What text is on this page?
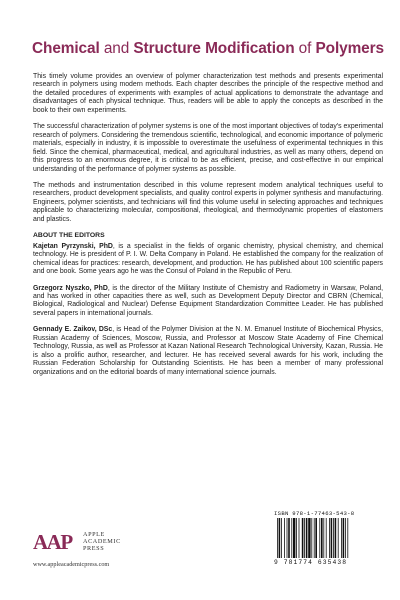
Chemical and Structure Modification of Polymers

This timely volume provides an overview of polymer characterization test methods and presents experimental research in polymers using modern methods. Each chapter describes the principle of the respective method and the detailed procedures of experiments with examples of actual applications to demonstrate the advantage and disadvantages of each physical technique. Thus, readers will be able to apply the concepts as described in the book to their own experiments.

The successful characterization of polymer systems is one of the most important objectives of today's experimental research of polymers. Considering the tremendous scientific, technological, and economic importance of polymeric materials, especially in industry, it is impossible to overestimate the usefulness of experimental techniques in this field. Since the chemical, pharmaceutical, medical, and agricultural industries, as well as many others, depend on this progress to an enormous degree, it is critical to be as efficient, precise, and cost-effective in our empirical understanding of the performance of polymer systems as possible.

The methods and instrumentation described in this volume represent modern analytical techniques useful to researchers, product development specialists, and quality control experts in polymer synthesis and manufacturing. Engineers, polymer scientists, and technicians will find this volume useful in selecting approaches and techniques applicable to characterizing molecular, compositional, rheological, and thermodynamic properties of elastomers and plastics.

ABOUT THE EDITORS

Kajetan Pyrzynski, PhD, is a specialist in the fields of organic chemistry, physical chemistry, and chemical technology. He is president of P. I. W. Delta Company in Poland. He established the company for the realization of chemical ideas for practices: research, development, and production. He has published about 100 scientific papers and one book. Some years ago he was the Consul of Poland in the Republic of Peru.

Grzegorz Nyszko, PhD, is the director of the Military Institute of Chemistry and Radiometry in Warsaw, Poland, and has worked in other capacities there as well, such as Development Deputy Director and CBRN (Chemical, Biological, Radiological and Nuclear) Defense Equipment Standardization Committee Leader. He has published several papers in international journals.

Gennady E. Zaikov, DSc, is Head of the Polymer Division at the N. M. Emanuel Institute of Biochemical Physics, Russian Academy of Sciences, Moscow, Russia, and Professor at Moscow State Academy of Fine Chemical Technology, Russia, as well as Professor at Kazan National Research Technological University, Kazan, Russia. He is also a prolific author, researcher, and lecturer. He has received several awards for his work, including the Russian Federation Scholarship for Outstanding Scientists. He has been a member of many professional organizations and on the editorial boards of many international science journals.

AAP APPLE
ACADEMIC
PRESS
www.appleacademicpress.com
ISBN 978-1-77463-543-8
9 781774 635438
